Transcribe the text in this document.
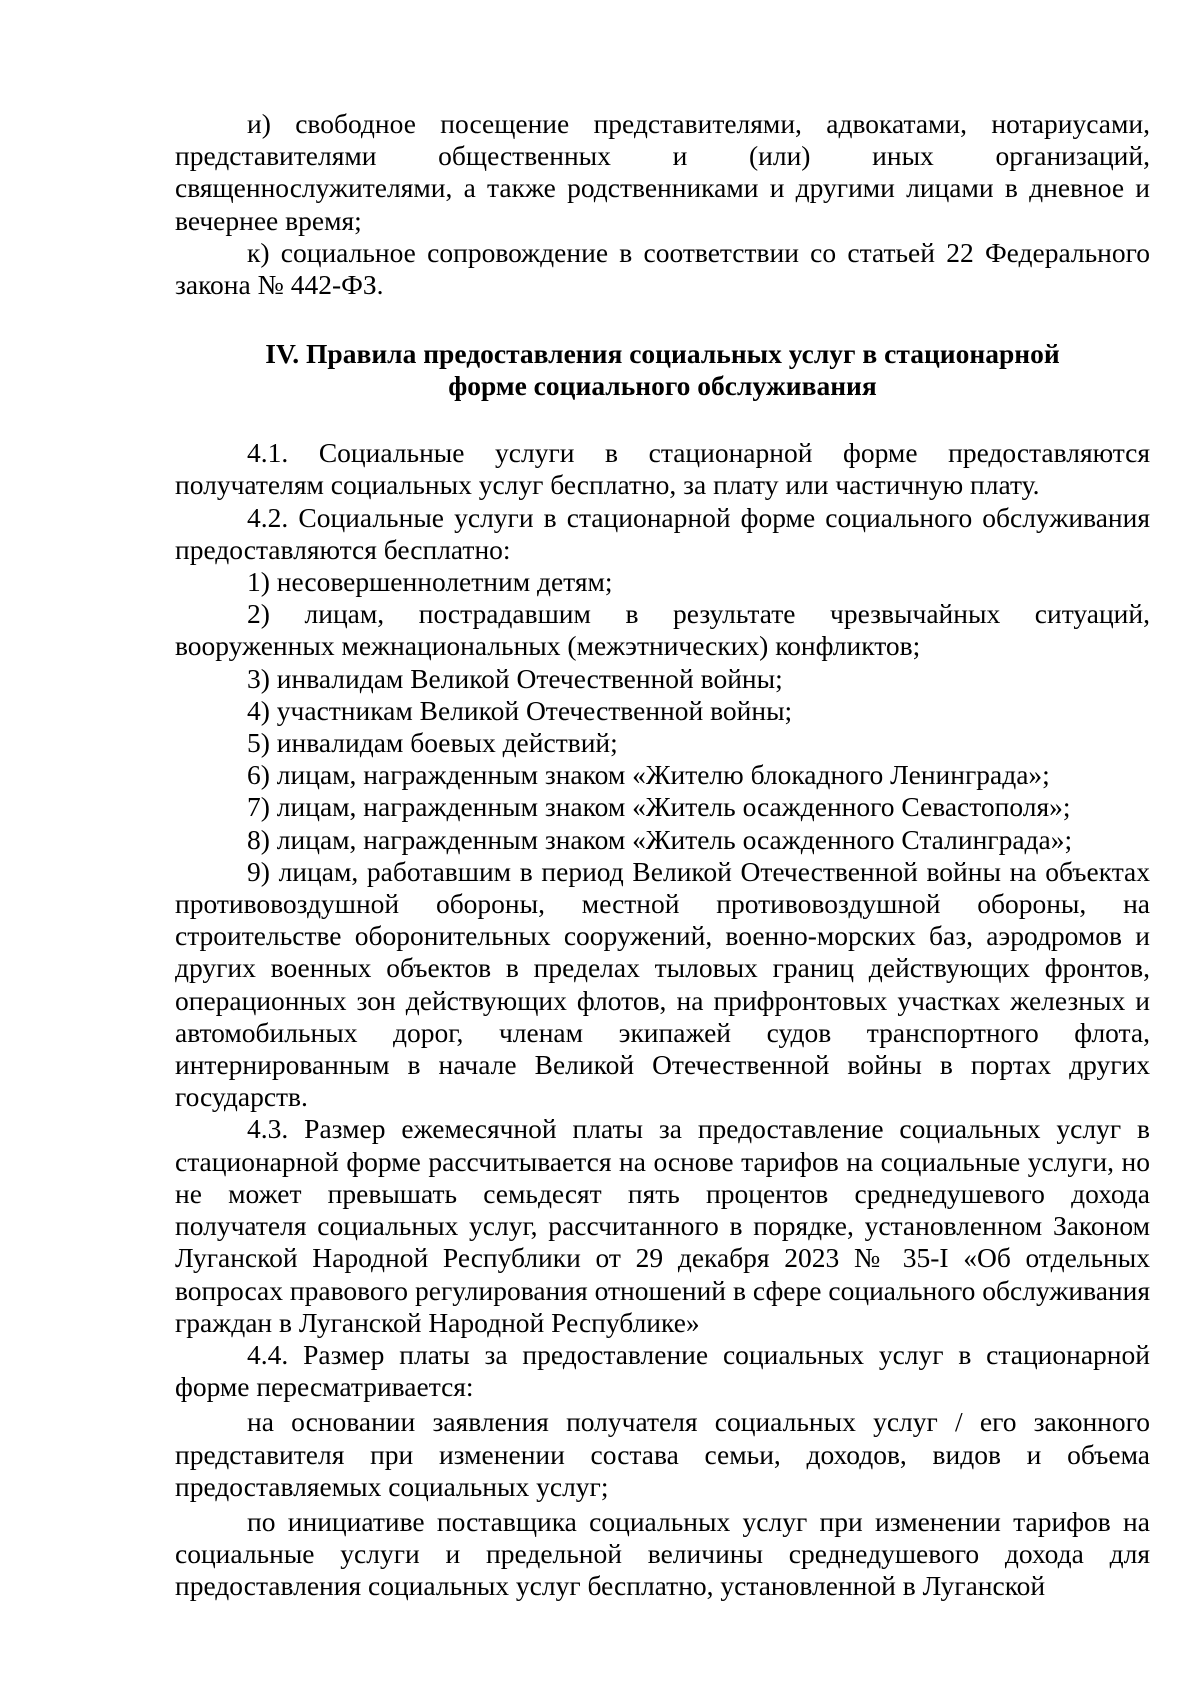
и) свободное посещение представителями, адвокатами, нотариусами, представителями общественных и (или) иных организаций, священнослужителями, а также родственниками и другими лицами в дневное и вечернее время;

к) социальное сопровождение в соответствии со статьей 22 Федерального закона № 442-ФЗ.

IV. Правила предоставления социальных услуг в стационарной
форме социального обслуживания

4.1. Социальные услуги в стационарной форме предоставляются получателям социальных услуг бесплатно, за плату или частичную плату.

4.2. Социальные услуги в стационарной форме социального обслуживания предоставляются бесплатно:

1) несовершеннолетним детям;

2) лицам, пострадавшим в результате чрезвычайных ситуаций, вооруженных межнациональных (межэтнических) конфликтов;

3) инвалидам Великой Отечественной войны;

4) участникам Великой Отечественной войны;

5) инвалидам боевых действий;

6) лицам, награжденным знаком «Жителю блокадного Ленинграда»;

7) лицам, награжденным знаком «Житель осажденного Севастополя»;

8) лицам, награжденным знаком «Житель осажденного Сталинграда»;

9) лицам, работавшим в период Великой Отечественной войны на объектах противовоздушной обороны, местной противовоздушной обороны, на строительстве оборонительных сооружений, военно-морских баз, аэродромов и других военных объектов в пределах тыловых границ действующих фронтов, операционных зон действующих флотов, на прифронтовых участках железных и автомобильных дорог, членам экипажей судов транспортного флота, интернированным в начале Великой Отечественной войны в портах других государств.

4.3. Размер ежемесячной платы за предоставление социальных услуг в стационарной форме рассчитывается на основе тарифов на социальные услуги, но не может превышать семьдесят пять процентов среднедушевого дохода получателя социальных услуг, рассчитанного в порядке, установленном Законом Луганской Народной Республики от 29 декабря 2023 № 35-I «Об отдельных вопросах правового регулирования отношений в сфере социального обслуживания граждан в Луганской Народной Республике»

4.4. Размер платы за предоставление социальных услуг в стационарной форме пересматривается:

на основании заявления получателя социальных услуг / его законного представителя при изменении состава семьи, доходов, видов и объема предоставляемых социальных услуг;

по инициативе поставщика социальных услуг при изменении тарифов на социальные услуги и предельной величины среднедушевого дохода для предоставления социальных услуг бесплатно, установленной в Луганской
